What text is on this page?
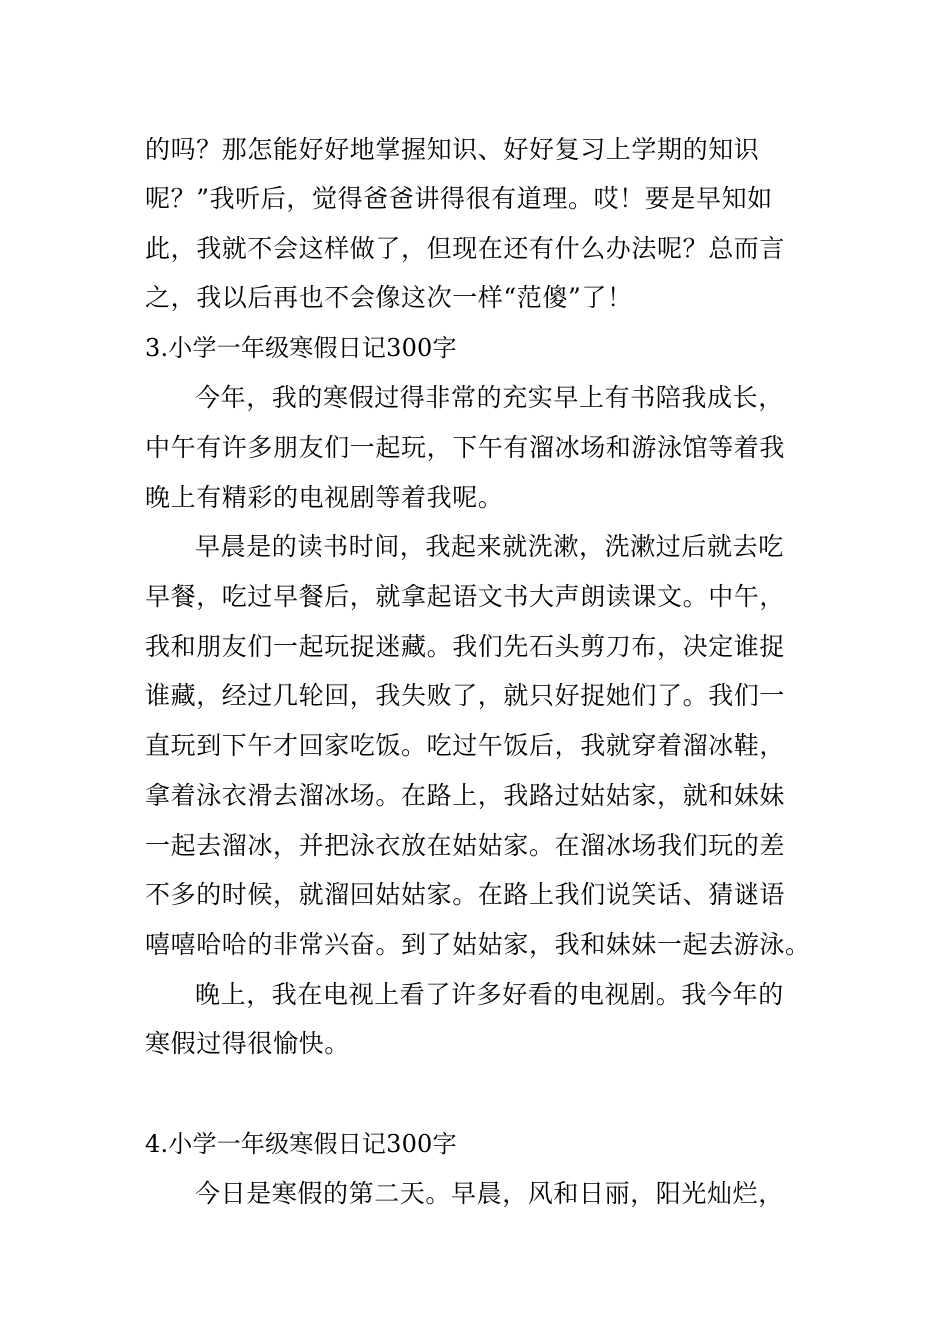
的吗？那怎能好好地掌握知识、好好复习上学期的知识
呢？”我听后，觉得爸爸讲得很有道理。哎！要是早知如
此，我就不会这样做了，但现在还有什么办法呢？总而言
之，我以后再也不会像这次一样“范傻”了！
3.小学一年级寒假日记300字
今年，我的寒假过得非常的充实早上有书陪我成长，
中午有许多朋友们一起玩，下午有溜冰场和游泳馆等着我
晚上有精彩的电视剧等着我呢。
早晨是的读书时间，我起来就洗漱，洗漱过后就去吃
早餐，吃过早餐后，就拿起语文书大声朗读课文。中午，
我和朋友们一起玩捉迷藏。我们先石头剪刀布，决定谁捉
谁藏，经过几轮回，我失败了，就只好捉她们了。我们一
直玩到下午才回家吃饭。吃过午饭后，我就穿着溜冰鞋，
拿着泳衣滑去溜冰场。在路上，我路过姑姑家，就和妹妹
一起去溜冰，并把泳衣放在姑姑家。在溜冰场我们玩的差
不多的时候，就溜回姑姑家。在路上我们说笑话、猜谜语
嘻嘻哈哈的非常兴奋。到了姑姑家，我和妹妹一起去游泳。
晚上，我在电视上看了许多好看的电视剧。我今年的
寒假过得很愉快。
4.小学一年级寒假日记300字
今日是寒假的第二天。早晨，风和日丽，阳光灿烂，
